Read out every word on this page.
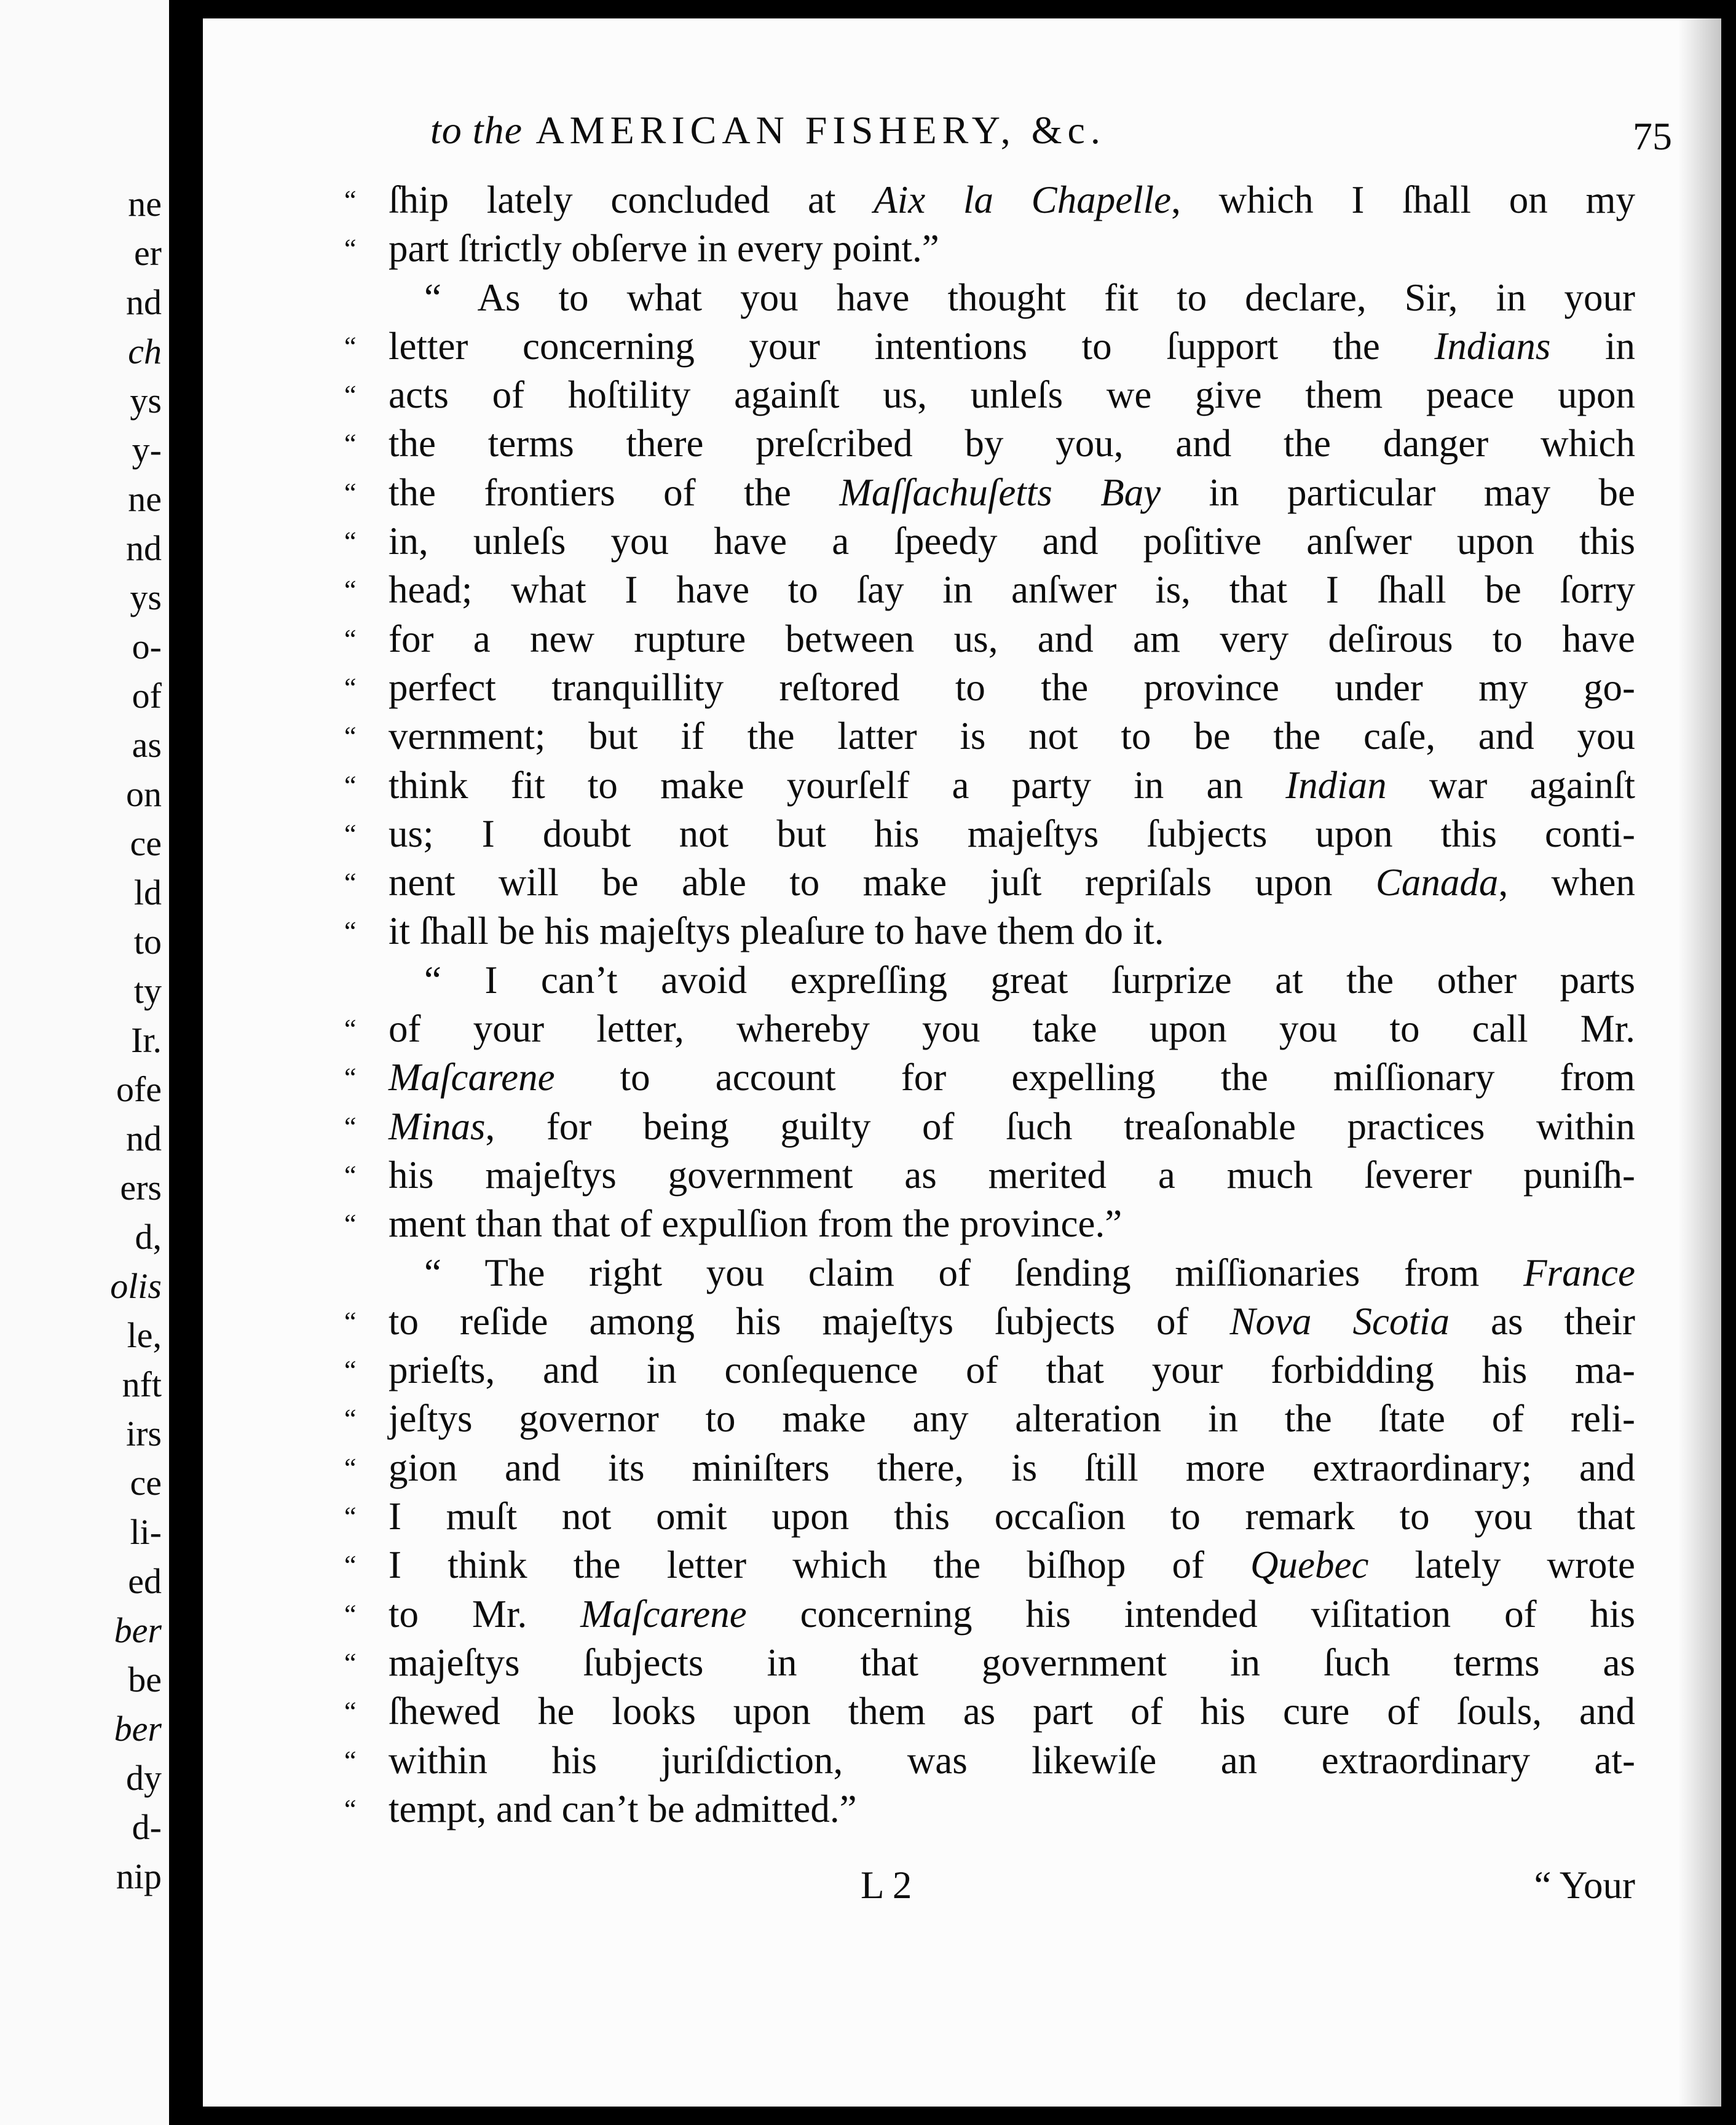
ne
er
nd
ch
ys
y-
ne
nd
ys
o-
of
as
on
ce
ld
to
ty
Ir.
ofe
nd
ers
d,
olis
le,
nft
irs
ce
li-
ed
ber
be
ber
dy
d-
nip
to the AMERICAN FISHERY, &c.	75
“ ſhip lately concluded at Aix la Chapelle, which I ſhall on my
“ part ſtrictly obſerve in every point.”
“ As to what you have thought fit to declare, Sir, in your
“ letter concerning your intentions to ſupport the Indians in
“ acts of hoſtility againſt us, unleſs we give them peace upon
“ the terms there preſcribed by you, and the danger which
“ the frontiers of the Maſſachuſetts Bay in particular may be
“ in, unleſs you have a ſpeedy and poſitive anſwer upon this
“ head; what I have to ſay in anſwer is, that I ſhall be ſorry
“ for a new rupture between us, and am very deſirous to have
“ perfect tranquillity reſtored to the province under my go-
“ vernment; but if the latter is not to be the caſe, and you
“ think fit to make yourſelf a party in an Indian war againſt
“ us; I doubt not but his majeſtys ſubjects upon this conti-
“ nent will be able to make juſt repriſals upon Canada, when
“ it ſhall be his majeſtys pleaſure to have them do it.
“ I can’t avoid expreſſing great ſurprize at the other parts
“ of your letter, whereby you take upon you to call Mr.
“ Maſcarene to account for expelling the miſſionary from
“ Minas, for being guilty of ſuch treaſonable practices within
“ his majeſtys government as merited a much ſeverer puniſh-
“ ment than that of expulſion from the province.”
“ The right you claim of ſending miſſionaries from France
“ to reſide among his majeſtys ſubjects of Nova Scotia as their
“ prieſts, and in conſequence of that your forbidding his ma-
“ jeſtys governor to make any alteration in the ſtate of reli-
“ gion and its miniſters there, is ſtill more extraordinary; and
“ I muſt not omit upon this occaſion to remark to you that
“ I think the letter which the biſhop of Quebec lately wrote
“ to Mr. Maſcarene concerning his intended viſitation of his
“ majeſtys ſubjects in that government in ſuch terms as
“ ſhewed he looks upon them as part of his cure of ſouls, and
“ within his juriſdiction, was likewiſe an extraordinary at-
“ tempt, and can’t be admitted.”
L 2	“ Your
